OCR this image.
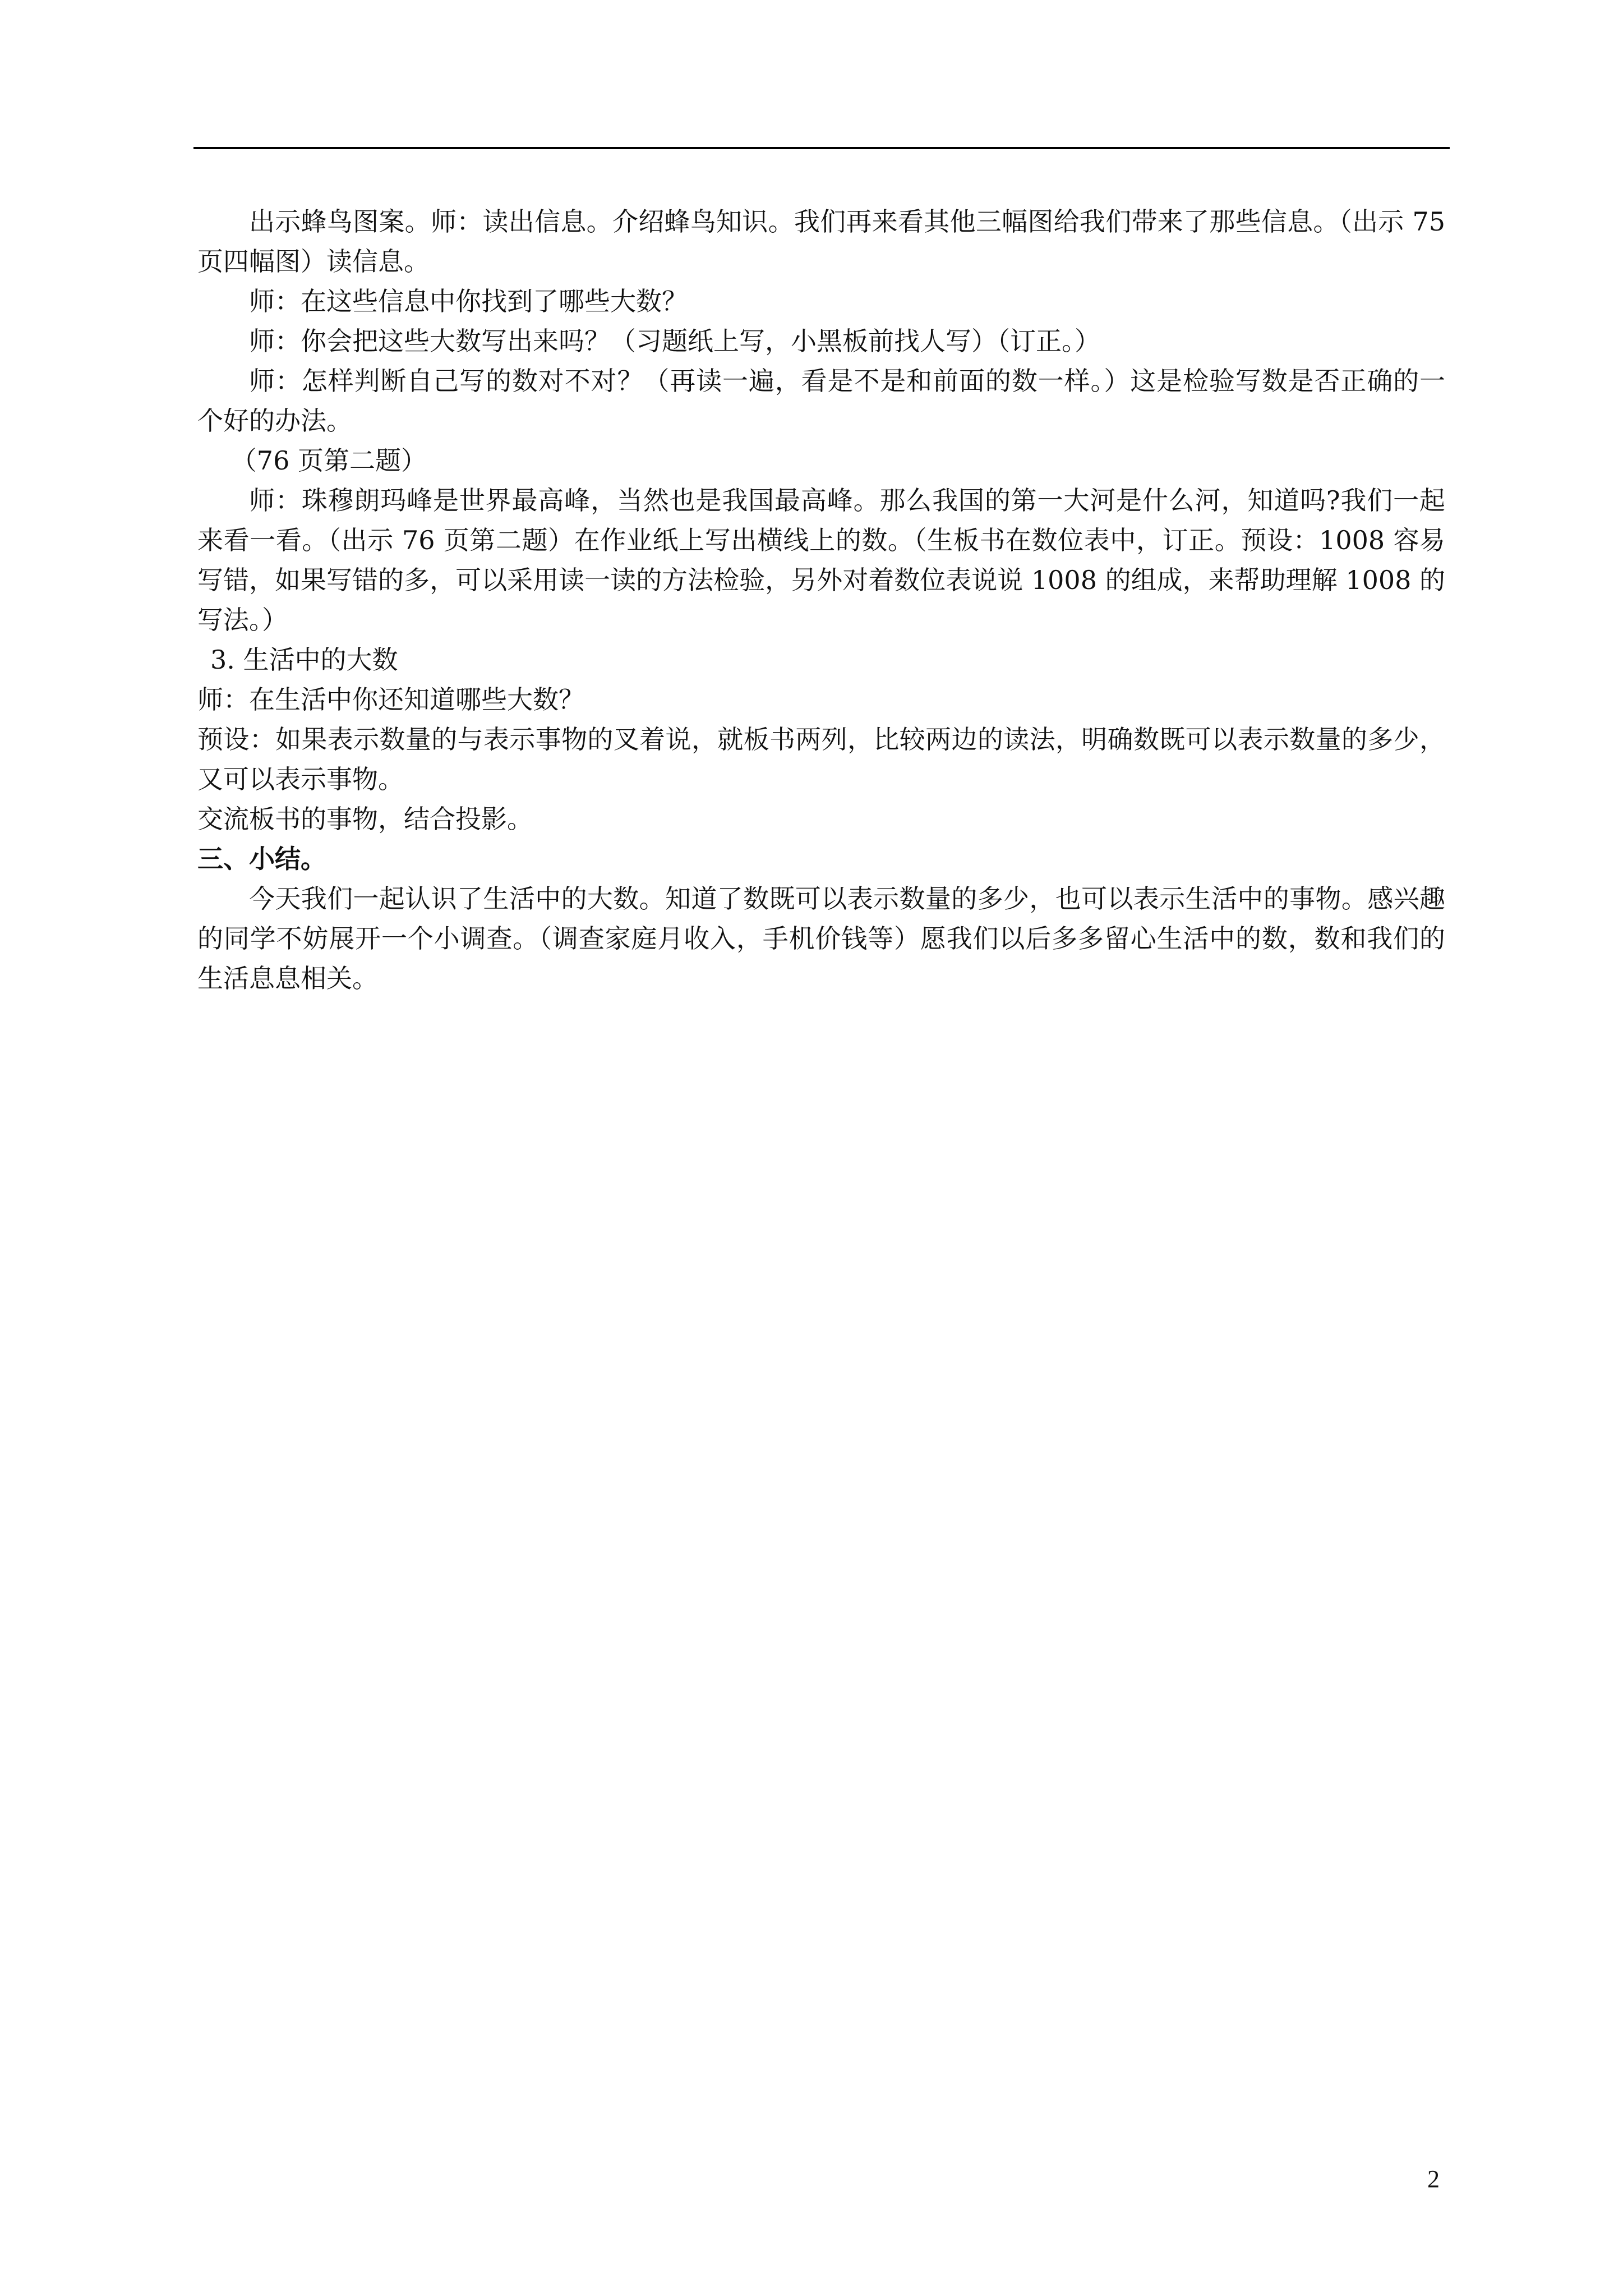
出示蜂鸟图案。师：读出信息。介绍蜂鸟知识。我们再来看其他三幅图给我们带来了那些信息。（出示 75 页四幅图）读信息。

师：在这些信息中你找到了哪些大数？

师：你会把这些大数写出来吗？（习题纸上写，小黑板前找人写）（订正。）

师：怎样判断自己写的数对不对？（再读一遍，看是不是和前面的数一样。）这是检验写数是否正确的一个好的办法。

（76 页第二题）

师：珠穆朗玛峰是世界最高峰，当然也是我国最高峰。那么我国的第一大河是什么河，知道吗?我们一起来看一看。（出示 76 页第二题）在作业纸上写出横线上的数。（生板书在数位表中，订正。预设：1008 容易写错，如果写错的多，可以采用读一读的方法检验，另外对着数位表说说 1008 的组成，来帮助理解 1008 的写法。）

3. 生活中的大数

师：在生活中你还知道哪些大数？

预设：如果表示数量的与表示事物的叉着说，就板书两列，比较两边的读法，明确数既可以表示数量的多少，又可以表示事物。

交流板书的事物，结合投影。

三、小结。

今天我们一起认识了生活中的大数。知道了数既可以表示数量的多少，也可以表示生活中的事物。感兴趣的同学不妨展开一个小调查。（调查家庭月收入，手机价钱等）愿我们以后多多留心生活中的数，数和我们的生活息息相关。

2
